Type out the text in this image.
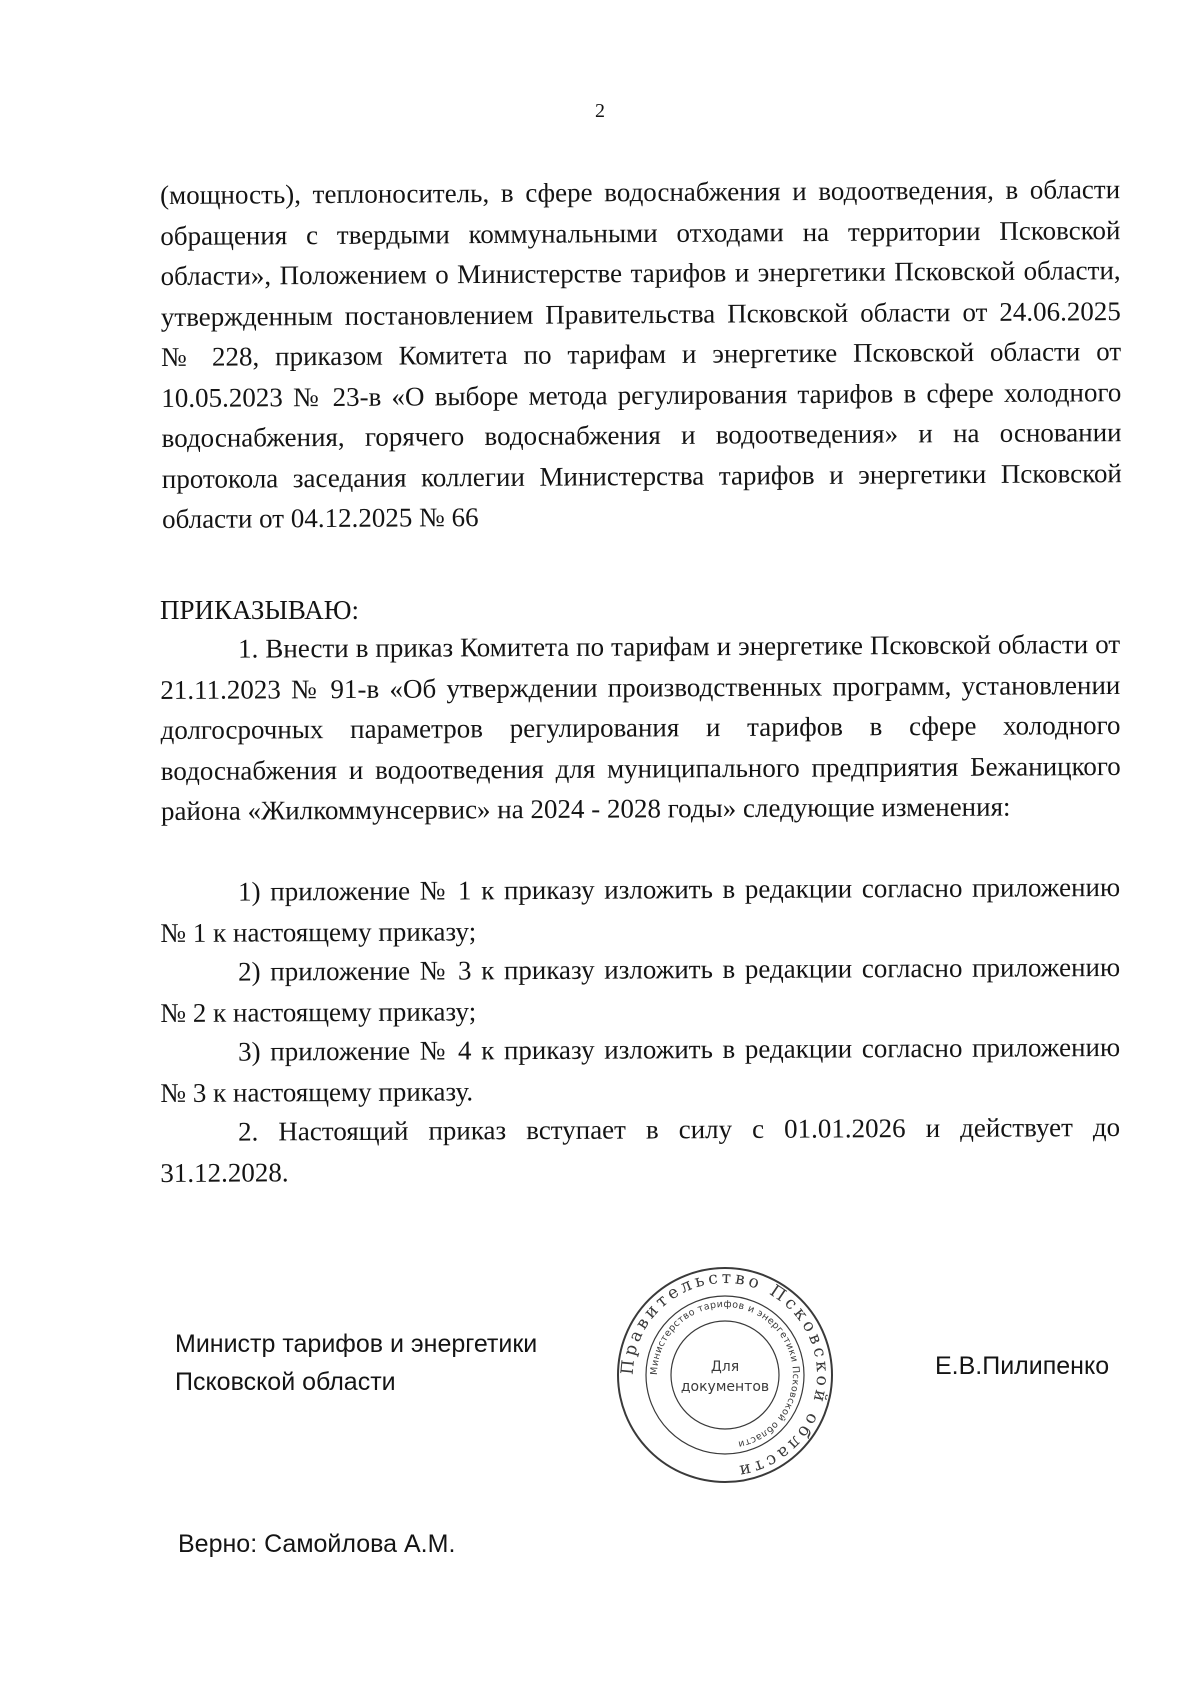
2

(мощность), теплоноситель, в сфере водоснабжения и водоотведения, в области обращения с твердыми коммунальными отходами на территории Псковской области», Положением о Министерстве тарифов и энергетики Псковской области, утвержденным постановлением Правительства Псковской области от 24.06.2025 № 228, приказом Комитета по тарифам и энергетике Псковской области от 10.05.2023 № 23-в «О выборе метода регулирования тарифов в сфере холодного водоснабжения, горячего водоснабжения и водоотведения» и на основании протокола заседания коллегии Министерства тарифов и энергетики Псковской области от 04.12.2025 № 66

ПРИКАЗЫВАЮ:

1. Внести в приказ Комитета по тарифам и энергетике Псковской области от 21.11.2023 № 91-в «Об утверждении производственных программ, установлении долгосрочных параметров регулирования и тарифов в сфере холодного водоснабжения и водоотведения для муниципального предприятия Бежаницкого района «Жилкоммунсервис» на 2024 - 2028 годы» следующие изменения:

1) приложение № 1 к приказу изложить в редакции согласно приложению № 1 к настоящему приказу;

2) приложение № 3 к приказу изложить в редакции согласно приложению № 2 к настоящему приказу;

3) приложение № 4 к приказу изложить в редакции согласно приложению № 3 к настоящему приказу.

2. Настоящий приказ вступает в силу с 01.01.2026 и действует до 31.12.2028.

Министр тарифов и энергетики
Псковской области
Правительство Псковской области
Министерство тарифов и энергетики Псковской области
Для
документов
Е.В.Пилипенко
Верно: Самойлова А.М.
